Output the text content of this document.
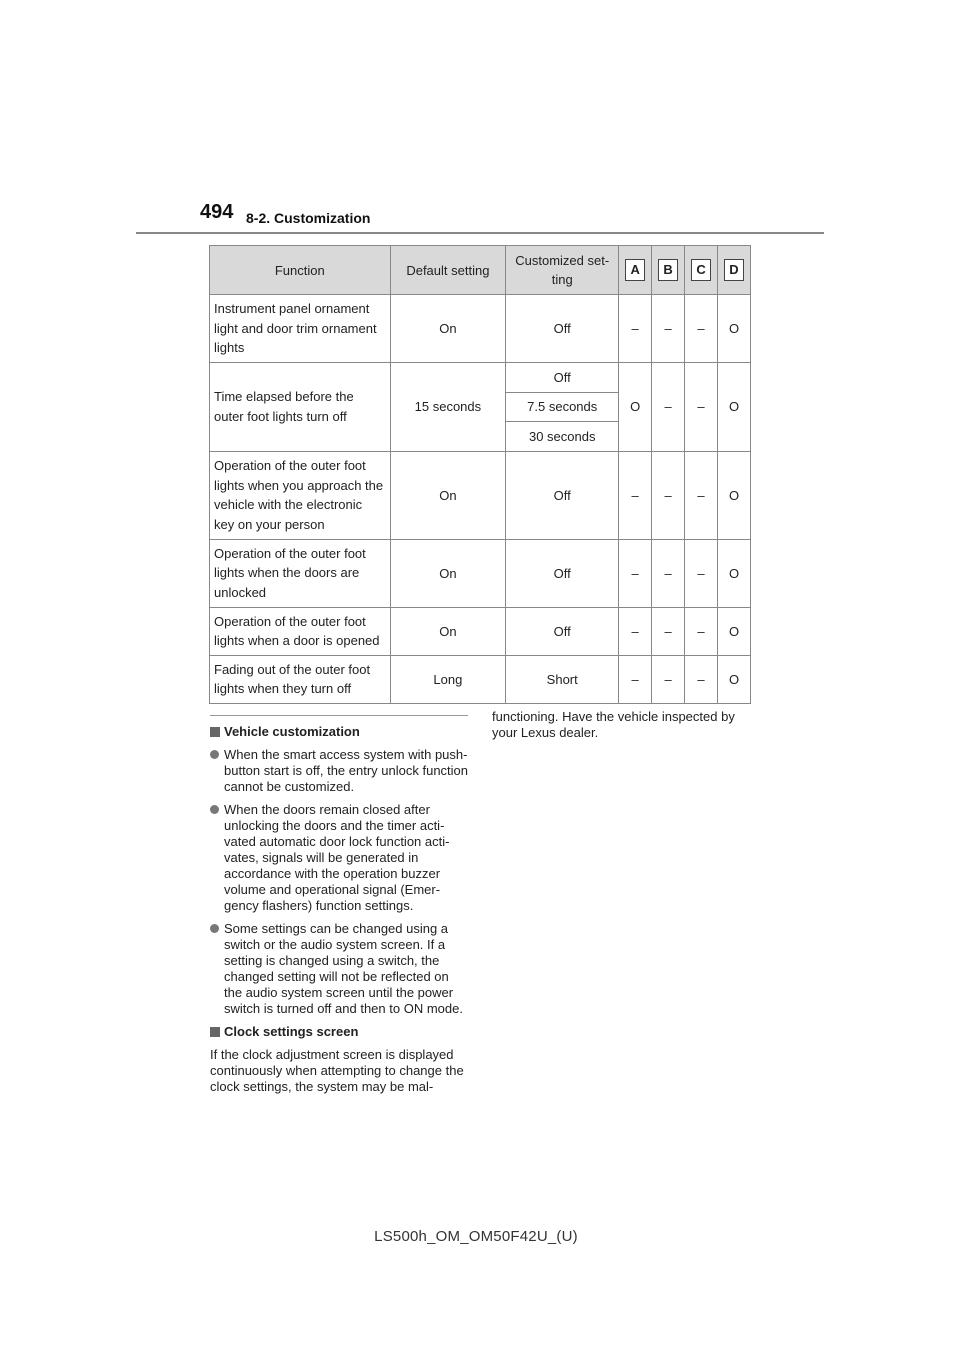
494 8-2. Customization
Function	Default setting	Customized set-ting	A	B	C	D
Instrument panel ornament light and door trim ornament lights	On	Off	–	–	–	O
Time elapsed before the outer foot lights turn off	15 seconds	Off	O	–	–	O
		7.5 seconds				
		30 seconds				
Operation of the outer foot lights when you approach the vehicle with the electronic key on your person	On	Off	–	–	–	O
Operation of the outer foot lights when the doors are unlocked	On	Off	–	–	–	O
Operation of the outer foot lights when a door is opened	On	Off	–	–	–	O
Fading out of the outer foot lights when they turn off	Long	Short	–	–	–	O
Vehicle customization
When the smart access system with push-button start is off, the entry unlock function cannot be customized.
When the doors remain closed after unlocking the doors and the timer acti-vated automatic door lock function acti-vates, signals will be generated in accordance with the operation buzzer volume and operational signal (Emer-gency flashers) function settings.
Some settings can be changed using a switch or the audio system screen. If a setting is changed using a switch, the changed setting will not be reflected on the audio system screen until the power switch is turned off and then to ON mode.
Clock settings screen

If the clock adjustment screen is displayed continuously when attempting to change the clock settings, the system may be mal-

functioning. Have the vehicle inspected by your Lexus dealer.

LS500h_OM_OM50F42U_(U)
